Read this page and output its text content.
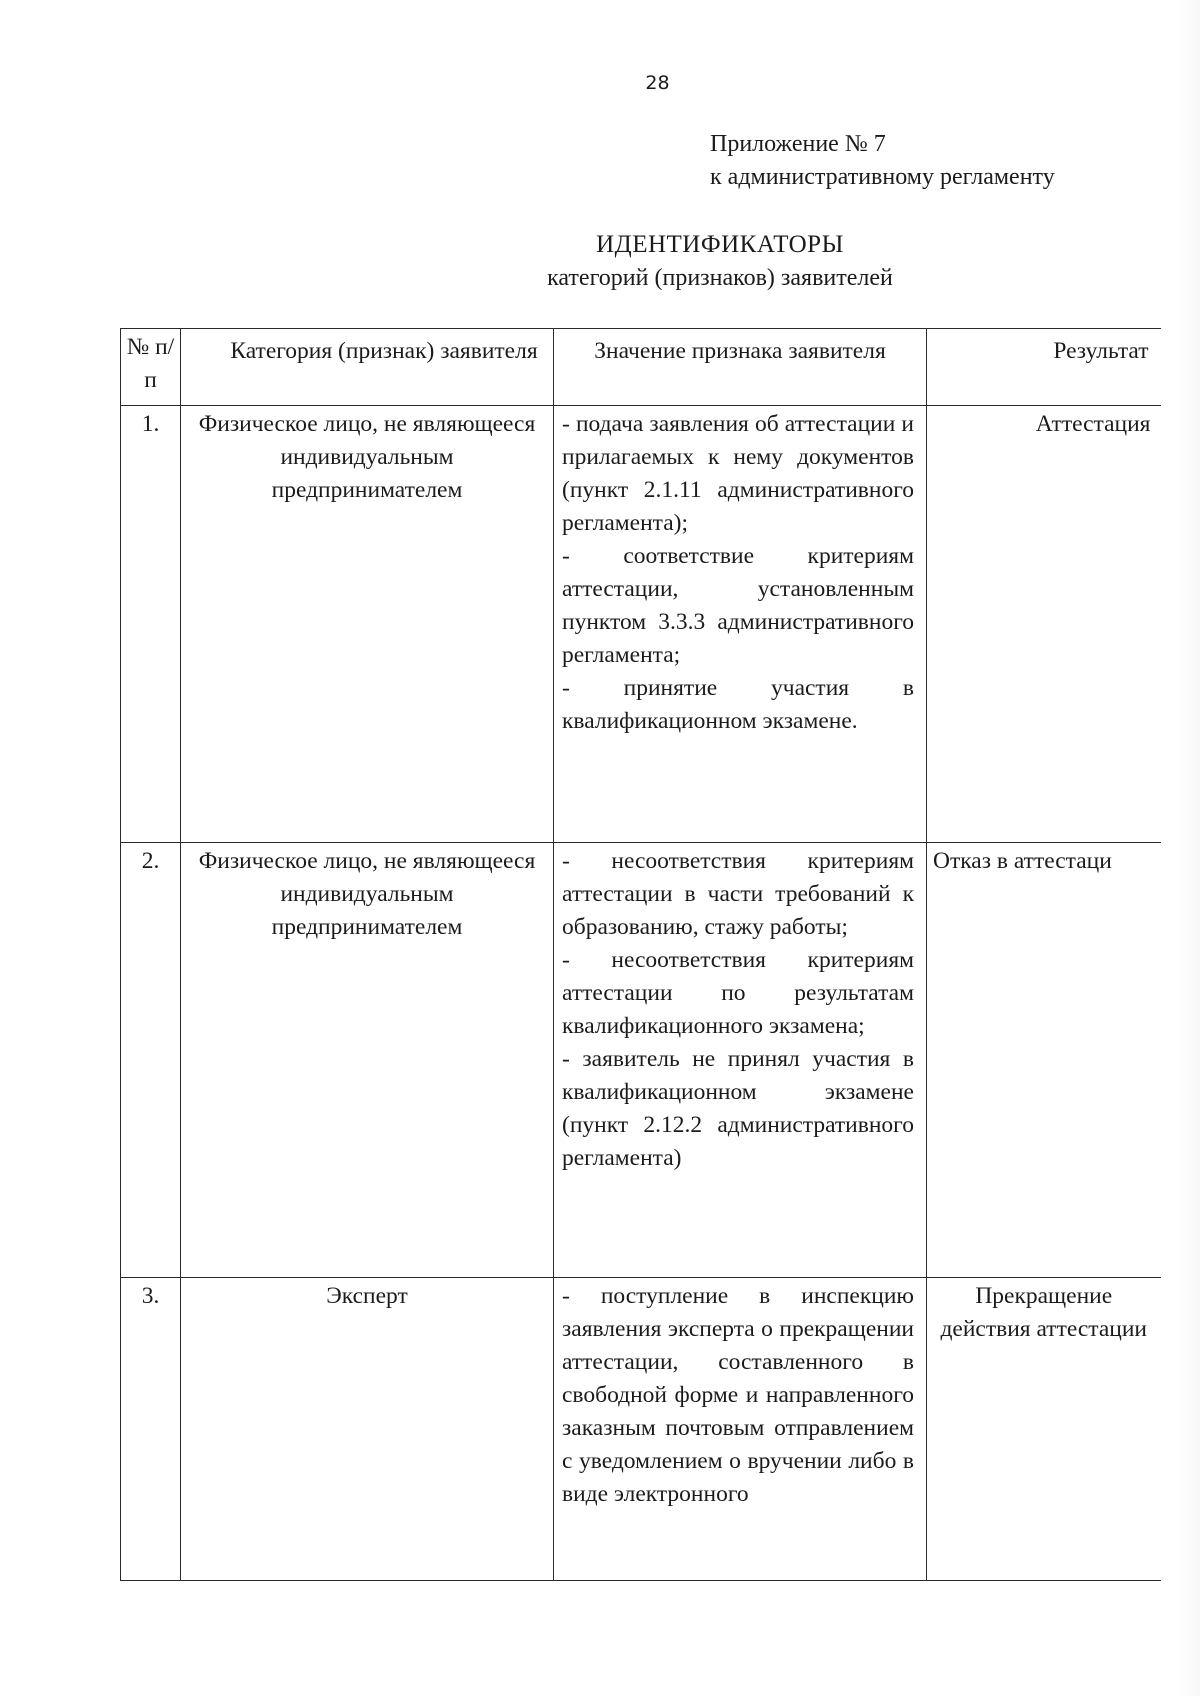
28
Приложение № 7
к административному регламенту
ИДЕНТИФИКАТОРЫ
категорий (признаков) заявителей
№ п/п	Категория (признак) заявителя	Значение признака заявителя	Результат
1.	Физическое лицо, не являющееся индивидуальным предпринимателем	- подача заявления об аттестации и прилагаемых к нему документов (пункт 2.1.11 административного регламента);
- соответствие критериям аттестации, установленным пунктом 3.3.3 административного регламента;
- принятие участия в квалификационном экзамене.	Аттестация
2.	Физическое лицо, не являющееся индивидуальным предпринимателем	- несоответствия критериям аттестации в части требований к образованию, стажу работы;
- несоответствия критериям аттестации по результатам квалификационного экзамена;
- заявитель не принял участия в квалификационном экзамене (пункт 2.12.2 административного регламента)	Отказ в аттестаци
3.	Эксперт	- поступление в инспекцию заявления эксперта о прекращении аттестации, составленного в свободной форме и направленного заказным почтовым отправлением с уведомлением о вручении либо в виде электронного	Прекращение действия аттестации
